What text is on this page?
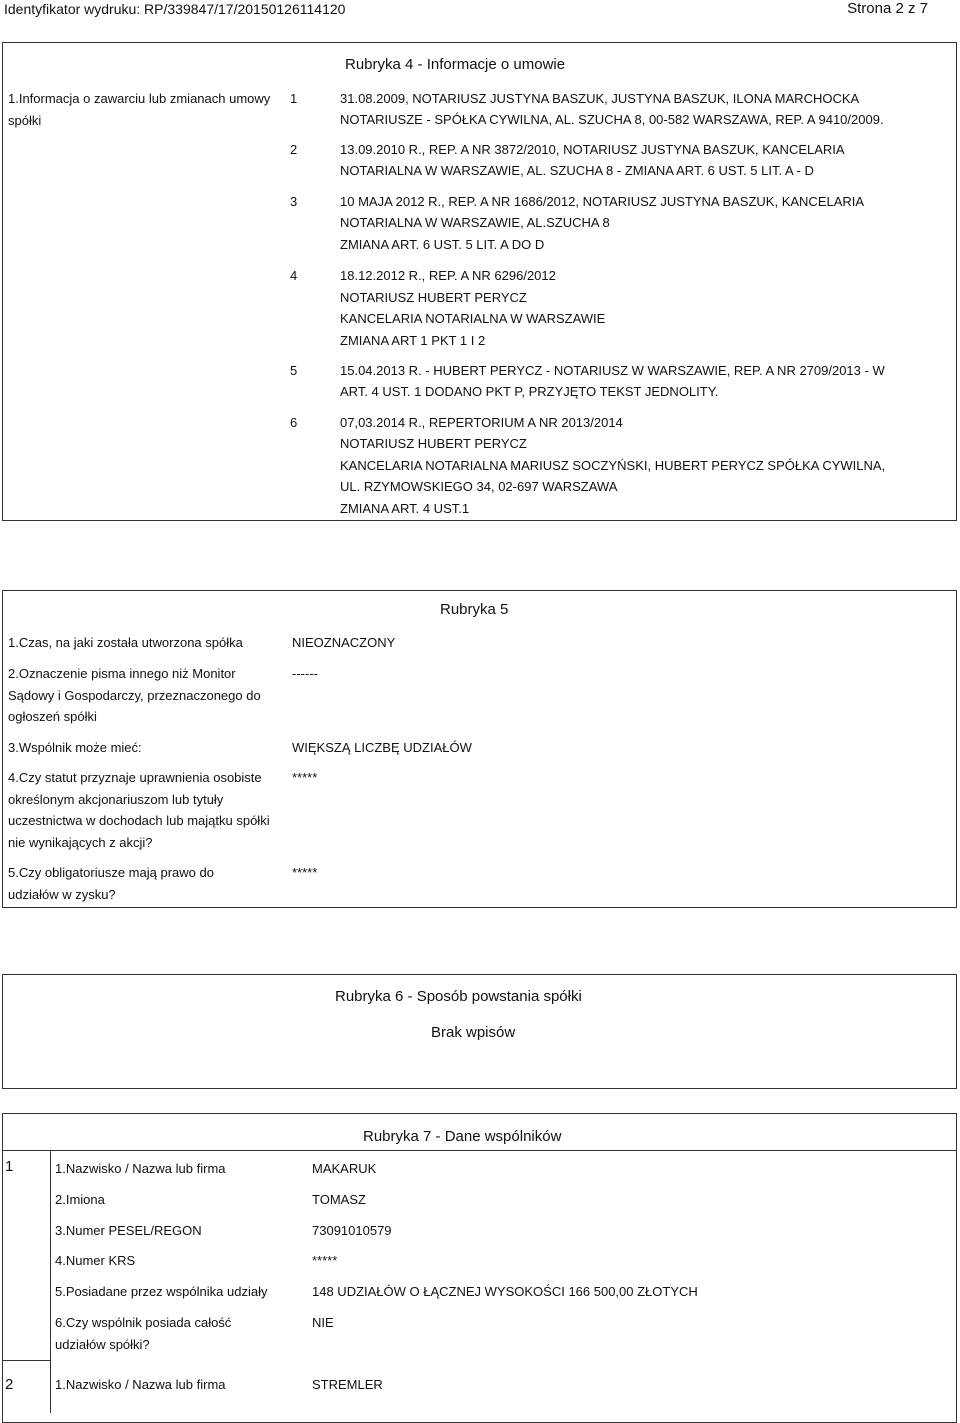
Identyfikator wydruku: RP/339847/17/20150126114120	Strona 2 z 7
Rubryka 4 - Informacje o umowie
1.Informacja o zawarciu lub zmianach umowy spółki
1	31.08.2009, NOTARIUSZ JUSTYNA BASZUK, JUSTYNA BASZUK, ILONA MARCHOCKA
NOTARIUSZE - SPÓŁKA CYWILNA, AL. SZUCHA 8, 00-582 WARSZAWA, REP. A 9410/2009.
2	13.09.2010 R., REP. A NR 3872/2010, NOTARIUSZ JUSTYNA BASZUK, KANCELARIA
NOTARIALNA W WARSZAWIE, AL. SZUCHA 8 - ZMIANA ART. 6 UST. 5 LIT. A - D
3	10 MAJA 2012 R., REP. A NR 1686/2012, NOTARIUSZ JUSTYNA BASZUK, KANCELARIA
NOTARIALNA W WARSZAWIE, AL.SZUCHA 8
ZMIANA ART. 6 UST. 5 LIT. A DO D
4	18.12.2012 R., REP. A NR 6296/2012
NOTARIUSZ HUBERT PERYCZ
KANCELARIA NOTARIALNA W WARSZAWIE
ZMIANA ART 1 PKT 1 I 2
5	15.04.2013 R. - HUBERT PERYCZ - NOTARIUSZ W WARSZAWIE, REP. A NR 2709/2013 - W
ART. 4 UST. 1 DODANO PKT P, PRZYJĘTO TEKST JEDNOLITY.
6	07,03.2014 R., REPERTORIUM A NR 2013/2014
NOTARIUSZ HUBERT PERYCZ
KANCELARIA NOTARIALNA MARIUSZ SOCZYŃSKI, HUBERT PERYCZ SPÓŁKA CYWILNA,
UL. RZYMOWSKIEGO 34, 02-697 WARSZAWA
ZMIANA ART. 4 UST.1
Rubryka 5
1.Czas, na jaki została utworzona spółka	NIEOZNACZONY
2.Oznaczenie pisma innego niż Monitor Sądowy i Gospodarczy, przeznaczonego do ogłoszeń spółki
------
3.Wspólnik może mieć:	WIĘKSZĄ LICZBĘ UDZIAŁÓW
4.Czy statut przyznaje uprawnienia osobiste określonym akcjonariuszom lub tytuły uczestnictwa w dochodach lub majątku spółki nie wynikających z akcji?
*****
5.Czy obligatoriusze mają prawo do udziałów w zysku?
*****
Rubryka 6 - Sposób powstania spółki
Brak wpisów
Rubryka 7 - Dane wspólników
1	1.Nazwisko / Nazwa lub firma	MAKARUK
2.Imiona	TOMASZ
3.Numer PESEL/REGON	73091010579
4.Numer KRS	*****
5.Posiadane przez wspólnika udziały	148 UDZIAŁÓW O ŁĄCZNEJ WYSOKOŚCI 166 500,00 ZŁOTYCH
6.Czy wspólnik posiada całość udziałów spółki?
NIE
2	1.Nazwisko / Nazwa lub firma	STREMLER
